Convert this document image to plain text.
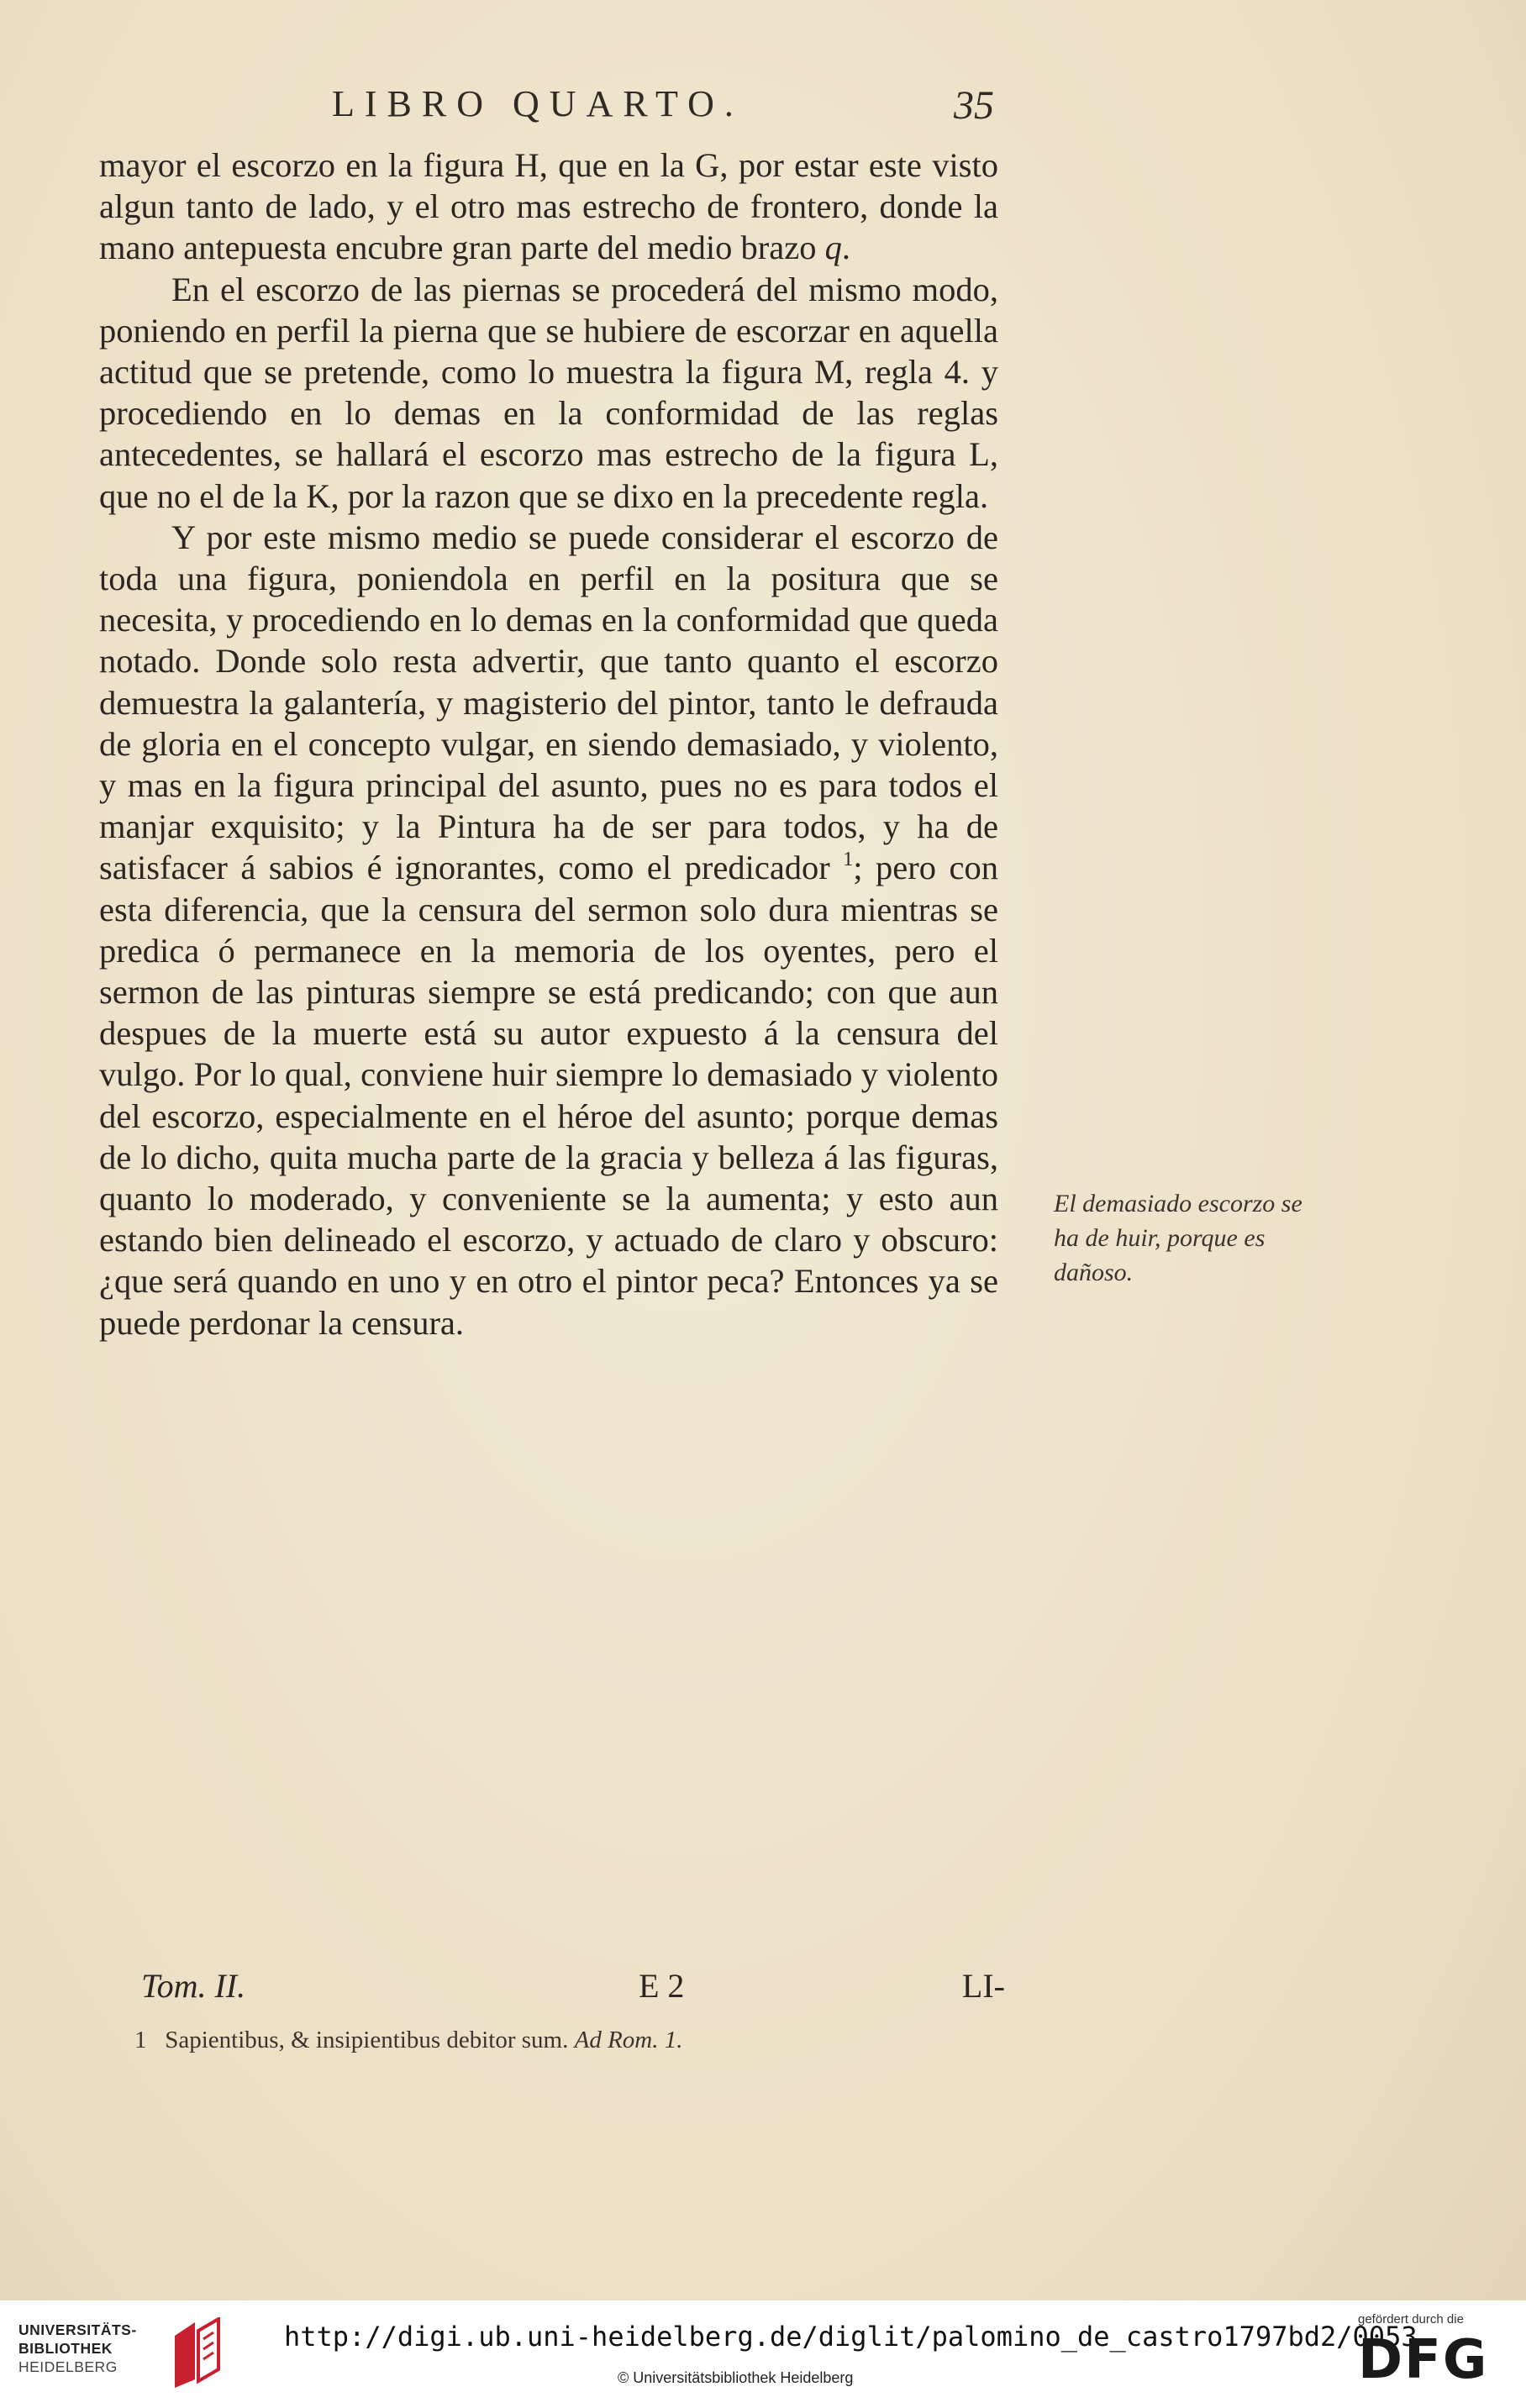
LIBRO QUARTO.	35

mayor el escorzo en la figura H, que en la G, por estar este visto algun tanto de lado, y el otro mas estrecho de frontero, donde la mano antepuesta encubre gran parte del medio brazo q.

En el escorzo de las piernas se procederá del mismo modo, poniendo en perfil la pierna que se hubiere de escorzar en aquella actitud que se pretende, como lo muestra la figura M, regla 4. y procediendo en lo demas en la conformidad de las reglas antecedentes, se hallará el escorzo mas estrecho de la figura L, que no el de la K, por la razon que se dixo en la precedente regla.

Y por este mismo medio se puede considerar el escorzo de toda una figura, poniendola en perfil en la positura que se necesita, y procediendo en lo demas en la conformidad que queda notado. Donde solo resta advertir, que tanto quanto el escorzo demuestra la galantería, y magisterio del pintor, tanto le defrauda de gloria en el concepto vulgar, en siendo demasiado, y violento, y mas en la figura principal del asunto, pues no es para todos el manjar exquisito; y la Pintura ha de ser para todos, y ha de satisfacer á sabios é ignorantes, como el predicador $^1$; pero con esta diferencia, que la censura del sermon solo dura mientras se predica ó permanece en la memoria de los oyentes, pero el sermon de las pinturas siempre se está predicando; con que aun despues de la muerte está su autor expuesto á la censura del vulgo. Por lo qual, conviene huir siempre lo demasiado y violento del escorzo, especialmente en el héroe del asunto; porque demas de lo dicho, quita mucha parte de la gracia y belleza á las figuras, quanto lo moderado, y conveniente se la aumenta; y esto aun estando bien delineado el escorzo, y actuado de claro y obscuro: ¿que será quando en uno y en otro el pintor peca? Entonces ya se puede perdonar la censura.

El demasiado escorzo se ha de huir, porque es dañoso.
Tom. II.	E 2	LI-
1 Sapientibus, & insipientibus debitor sum. Ad Rom. 1.
UNIVERSITÄTS-
BIBLIOTHEK
HEIDELBERG
http://digi.ub.uni-heidelberg.de/diglit/palomino_de_castro1797bd2/0053
© Universitätsbibliothek Heidelberg
gefördert durch die
DFG
